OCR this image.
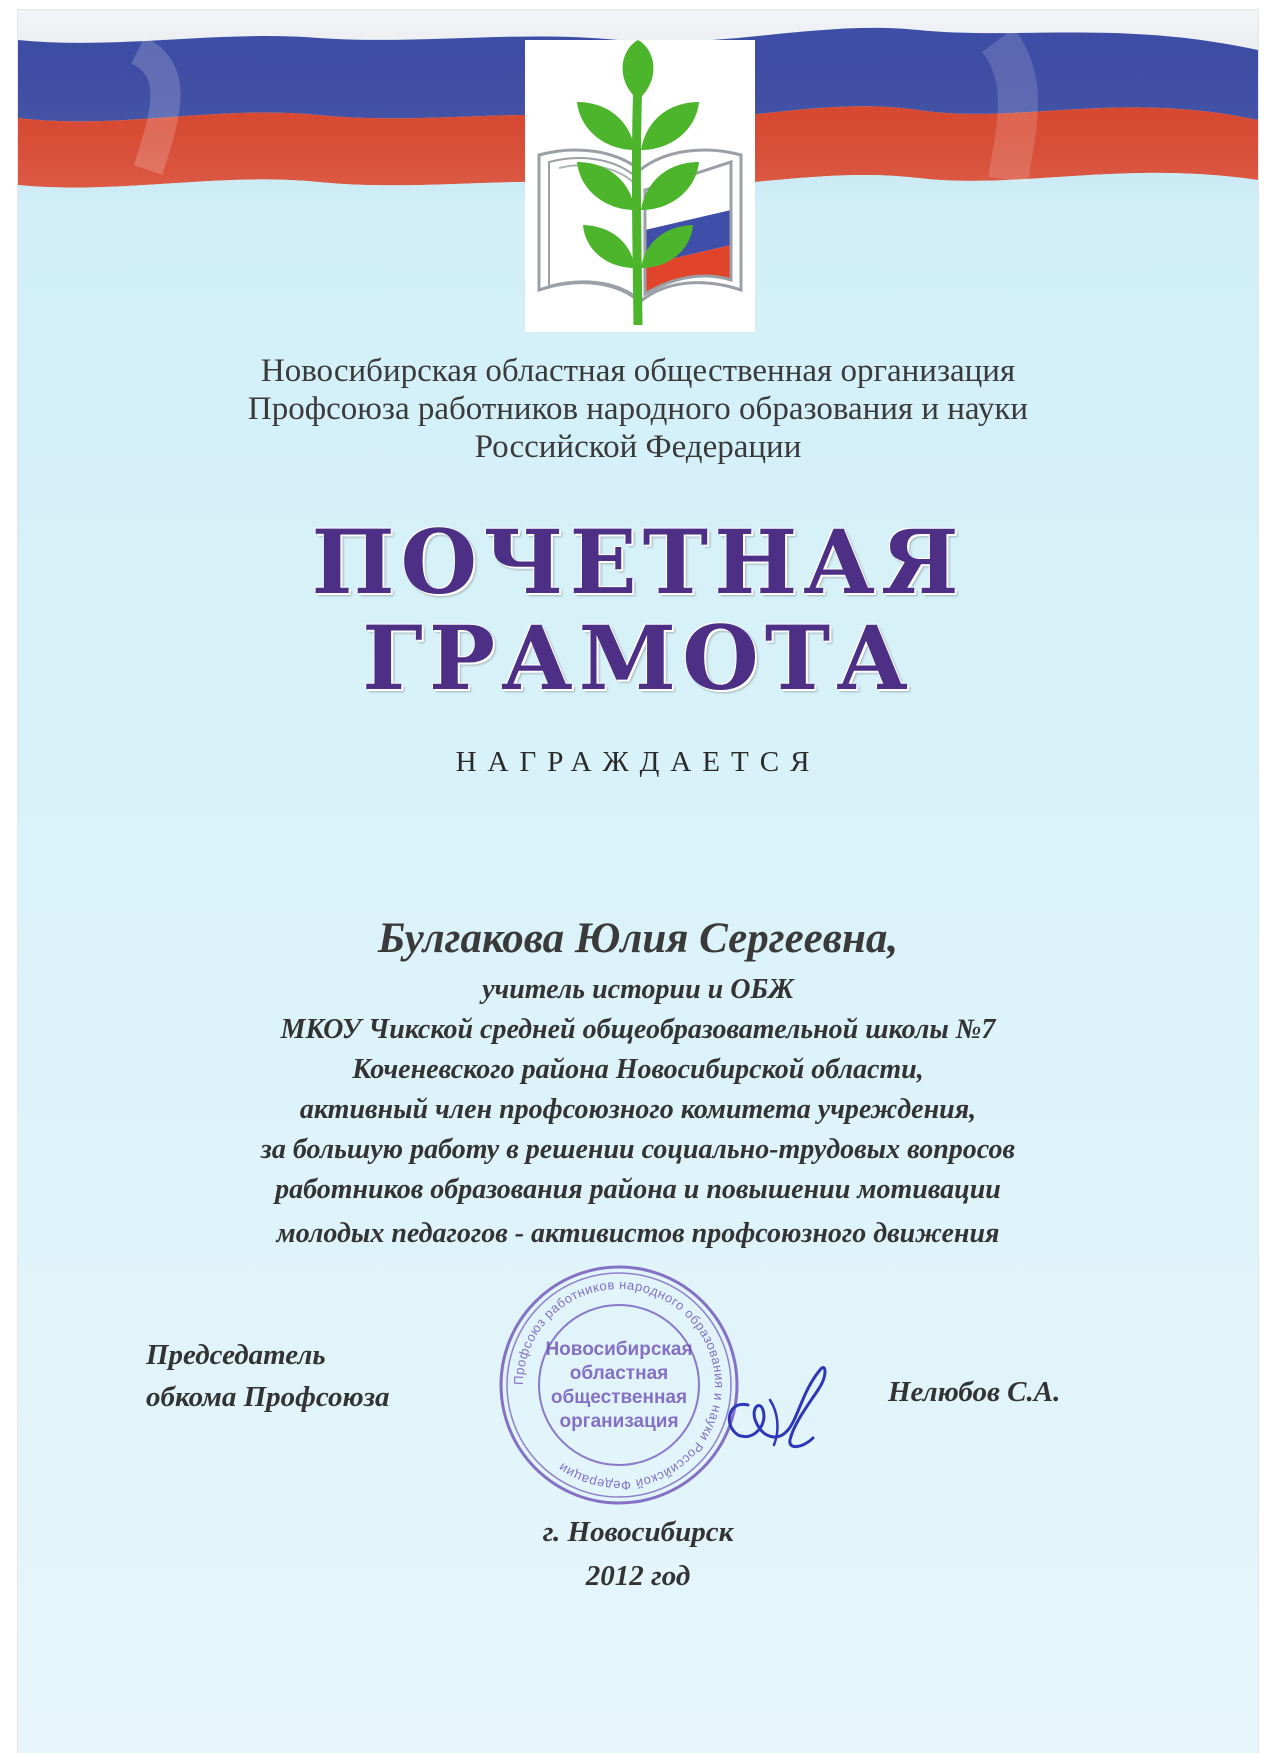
Новосибирская областная общественная организация
Профсоюза работников народного образования и науки
Российской Федерации
ПОЧЕТНАЯ
ГРАМОТА
НАГРАЖДАЕТСЯ
Булгакова Юлия Сергеевна,
учитель истории и ОБЖ
МКОУ Чикской средней общеобразовательной школы №7
Коченевского района Новосибирской области,
активный член профсоюзного комитета учреждения,
за большую работу в решении социально-трудовых вопросов
работников образования района и повышении мотивации
молодых педагогов - активистов профсоюзного движения
Председатель
обкома Профсоюза
Профсоюз работников народного образования и науки Российской Федерации
Новосибирская
областная
общественная
организация
Нелюбов С.А.
г. Новосибирск
2012 год
